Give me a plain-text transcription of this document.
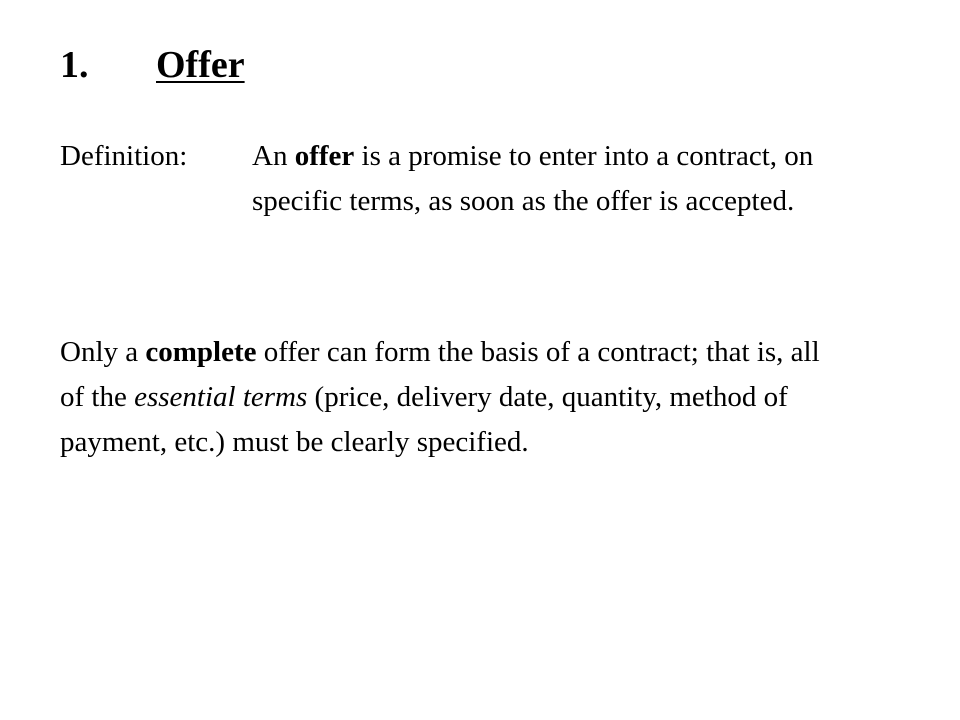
1. Offer
Definition: An offer is a promise to enter into a contract, on specific terms, as soon as the offer is accepted.
Only a complete offer can form the basis of a contract; that is, all of the essential terms (price, delivery date, quantity, method of payment, etc.) must be clearly specified.
